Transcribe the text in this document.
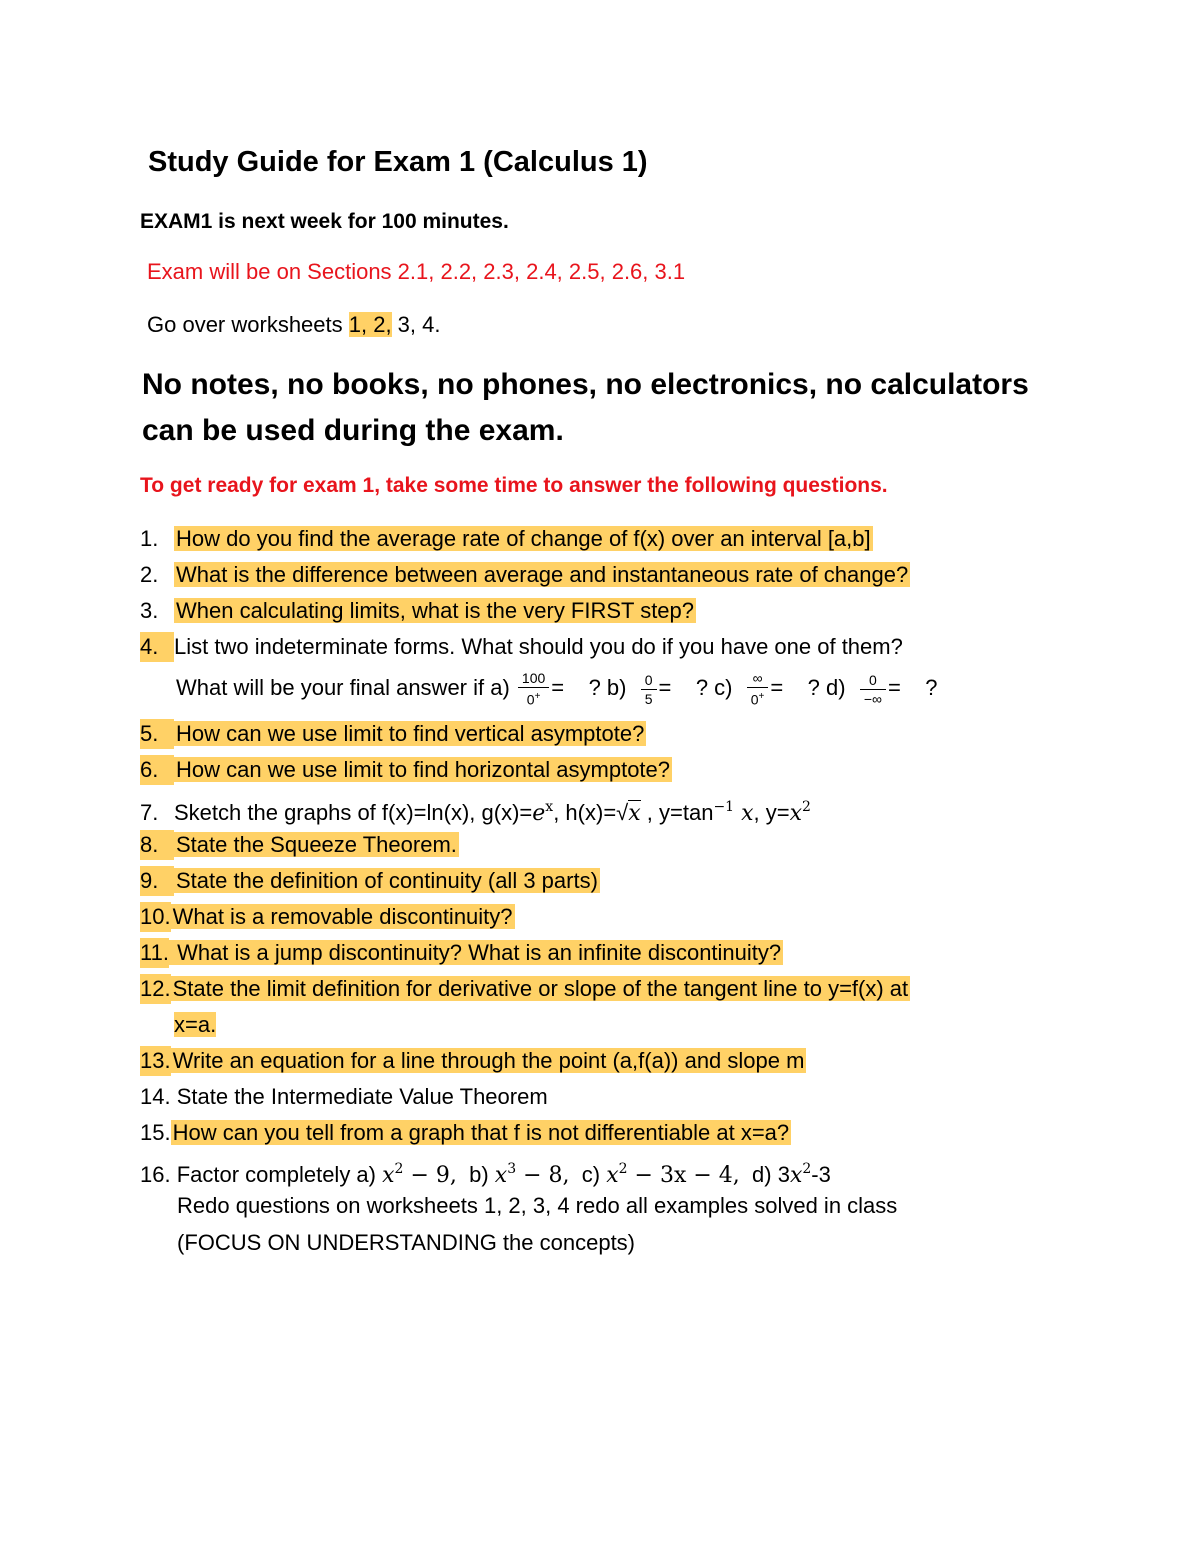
Study Guide for Exam 1 (Calculus 1)
EXAM1 is next week for 100 minutes.
Exam will be on Sections 2.1, 2.2, 2.3, 2.4, 2.5, 2.6, 3.1
Go over worksheets 1, 2, 3, 4.
No notes, no books, no phones, no electronics, no calculators
can be used during the exam.
To get ready for exam 1, take some time to answer the following questions.
1. How do you find the average rate of change of f(x) over an interval [a,b]
2. What is the difference between average and instantaneous rate of change?
3. When calculating limits, what is the very FIRST step?
4. List two indeterminate forms. What should you do if you have one of them?
What will be your final answer if $a) \frac{100}{0^+}$ =    ? $b) \frac{0}{5}$ =    ? $c) \frac{\infty}{0^+}$ =    ? $d) \frac{0}{-\infty}$ =    ?
5. How can we use limit to find vertical asymptote?
6. How can we use limit to find horizontal asymptote?
7. Sketch the graphs of f(x)=ln(x), $g(x)=e^x$, h(x)=√x , $y=\tan^{-1}$ x, $y=x^2$
8. State the Squeeze Theorem.
9. State the definition of continuity (all 3 parts)
10.What is a removable discontinuity?
11. What is a jump discontinuity? What is an infinite discontinuity?
12.State the limit definition for derivative or slope of the tangent line to y=f(x) at
x=a.
13.Write an equation for a line through the point (a,f(a)) and slope m
14. State the Intermediate Value Theorem
15.How can you tell from a graph that f is not differentiable at x=a?
16. Factor completely a) $x^2 - 9$,  b) $x^3 - 8$,  c) $x^2 - 3x - 4$,  d) $3x^2-3$
Redo questions on worksheets 1, 2, 3, 4 redo all examples solved in class
(FOCUS ON UNDERSTANDING the concepts)
